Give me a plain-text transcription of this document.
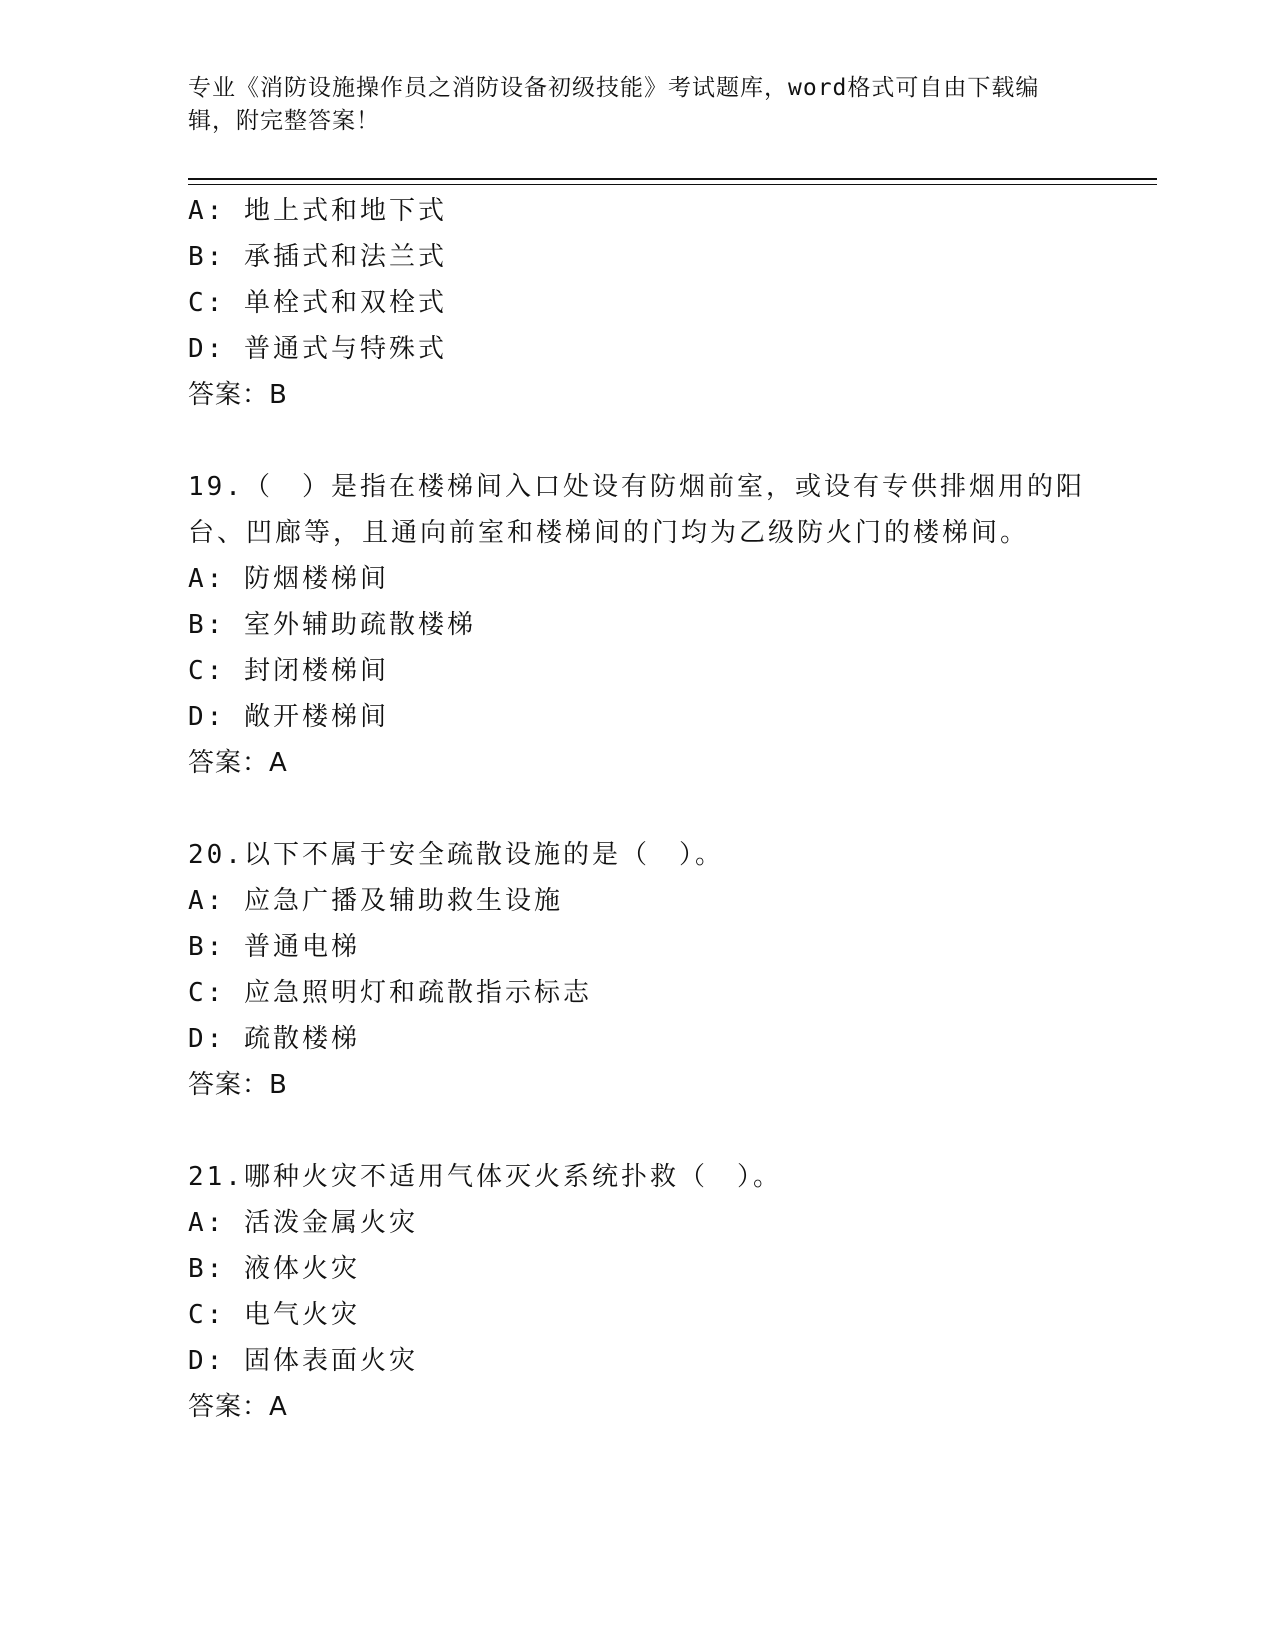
专业《消防设施操作员之消防设备初级技能》考试题库，word格式可自由下载编辑，附完整答案！
A: 地上式和地下式
B: 承插式和法兰式
C: 单栓式和双栓式
D: 普通式与特殊式
答案：B
19.（　）是指在楼梯间入口处设有防烟前室，或设有专供排烟用的阳台、凹廊等，且通向前室和楼梯间的门均为乙级防火门的楼梯间。
A: 防烟楼梯间
B: 室外辅助疏散楼梯
C: 封闭楼梯间
D: 敞开楼梯间
答案：A
20.以下不属于安全疏散设施的是（　）。
A: 应急广播及辅助救生设施
B: 普通电梯
C: 应急照明灯和疏散指示标志
D: 疏散楼梯
答案：B
21.哪种火灾不适用气体灭火系统扑救（　）。
A: 活泼金属火灾
B: 液体火灾
C: 电气火灾
D: 固体表面火灾
答案：A
